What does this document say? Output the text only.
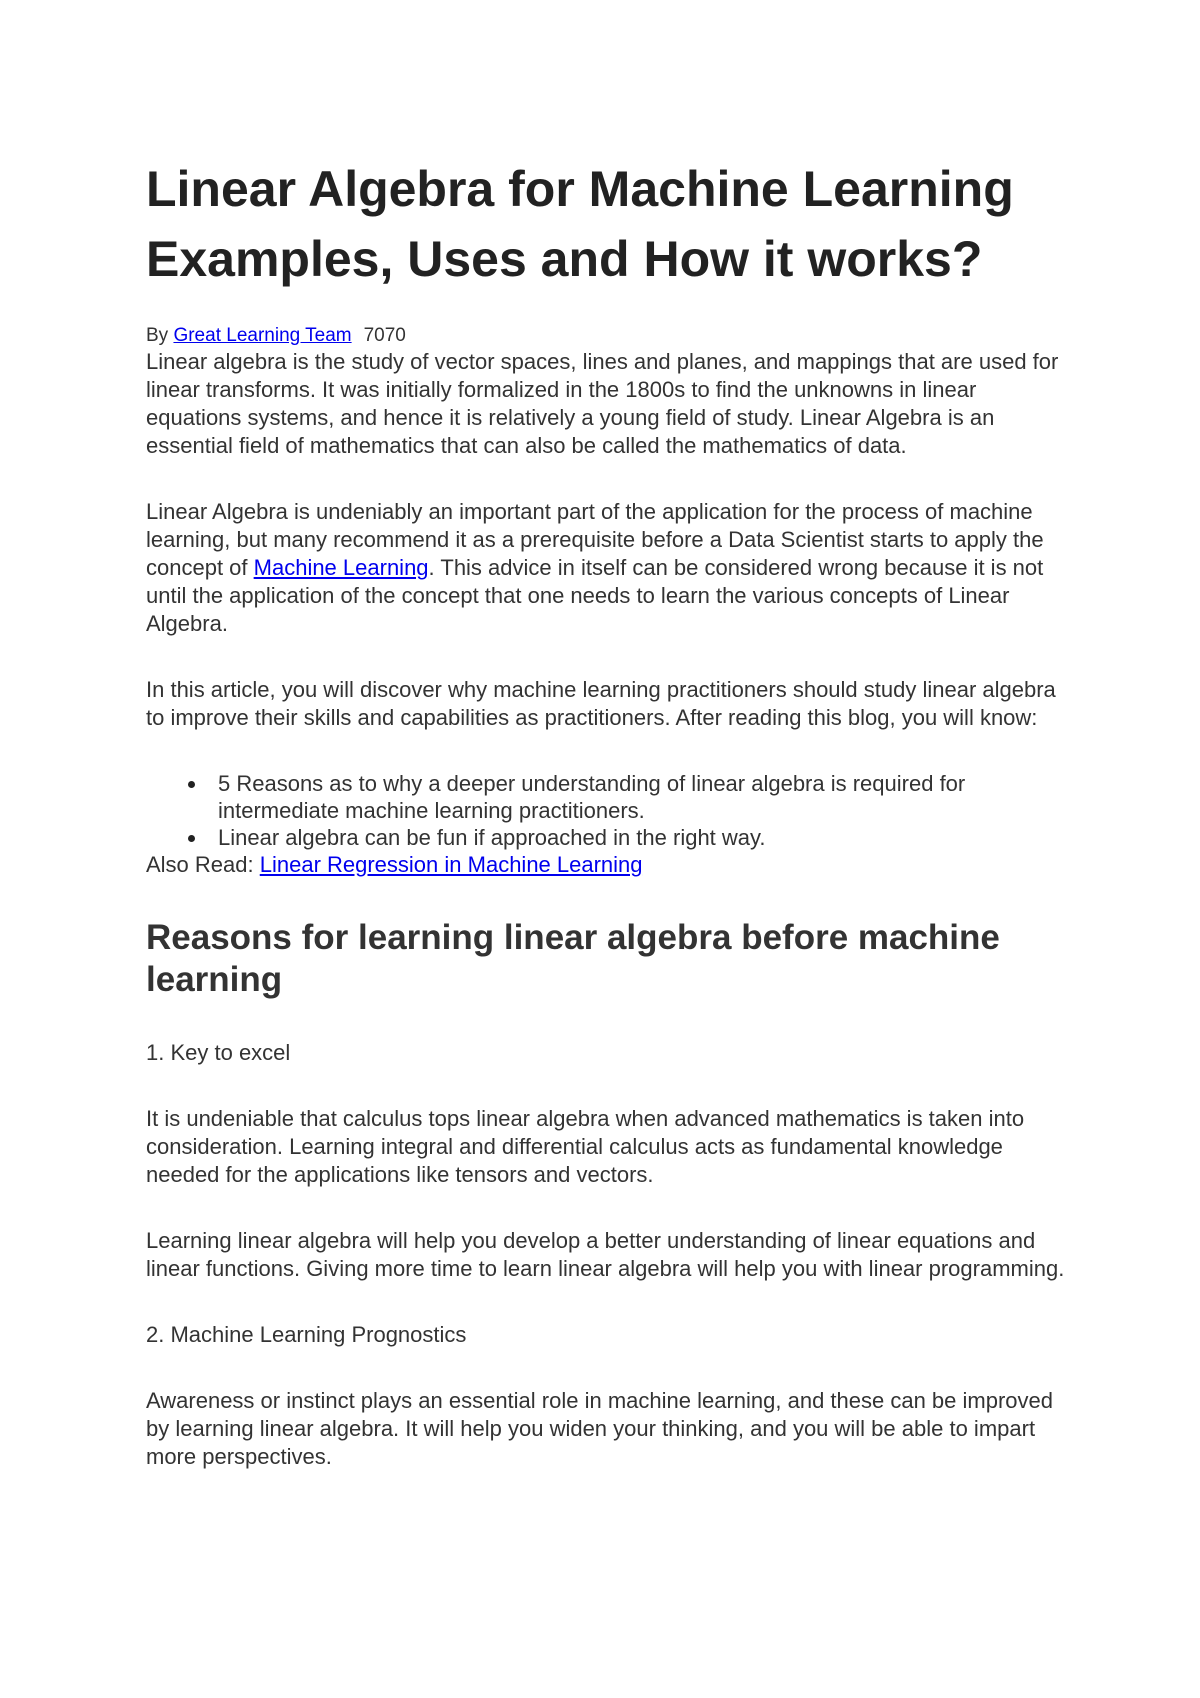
Linear Algebra for Machine Learning
Examples, Uses and How it works?

By Great Learning Team 7070

Linear algebra is the study of vector spaces, lines and planes, and mappings that are used for linear transforms. It was initially formalized in the 1800s to find the unknowns in linear equations systems, and hence it is relatively a young field of study. Linear Algebra is an essential field of mathematics that can also be called the mathematics of data.

Linear Algebra is undeniably an important part of the application for the process of machine learning, but many recommend it as a prerequisite before a Data Scientist starts to apply the concept of Machine Learning. This advice in itself can be considered wrong because it is not until the application of the concept that one needs to learn the various concepts of Linear Algebra.

In this article, you will discover why machine learning practitioners should study linear algebra to improve their skills and capabilities as practitioners. After reading this blog, you will know:

5 Reasons as to why a deeper understanding of linear algebra is required for intermediate machine learning practitioners.
Linear algebra can be fun if approached in the right way.

Also Read: Linear Regression in Machine Learning

Reasons for learning linear algebra before machine learning

1. Key to excel

It is undeniable that calculus tops linear algebra when advanced mathematics is taken into consideration. Learning integral and differential calculus acts as fundamental knowledge needed for the applications like tensors and vectors.

Learning linear algebra will help you develop a better understanding of linear equations and linear functions. Giving more time to learn linear algebra will help you with linear programming.

2. Machine Learning Prognostics

Awareness or instinct plays an essential role in machine learning, and these can be improved by learning linear algebra. It will help you widen your thinking, and you will be able to impart more perspectives.
